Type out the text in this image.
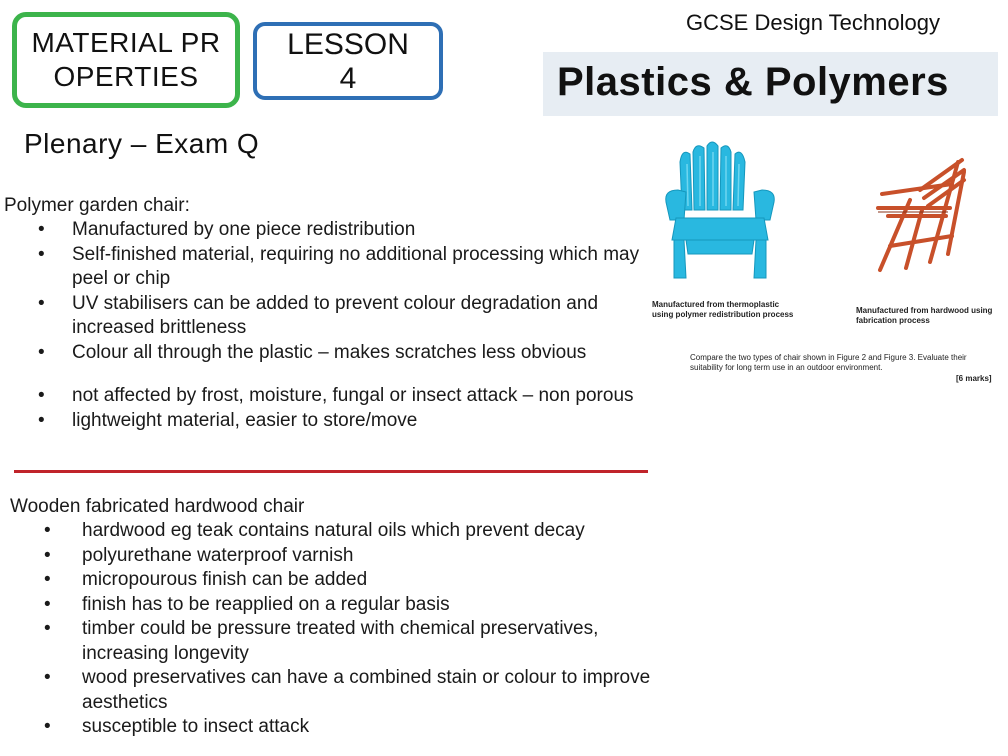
MATERIAL PROPERTIES
LESSON
4
Plenary – Exam Q
GCSE Design Technology
Plastics & Polymers
Polymer garden chair:
• Manufactured by one piece redistribution
• Self-finished material, requiring no additional processing which may peel or chip
• UV stabilisers can be added to prevent colour degradation and increased brittleness
• Colour all through the plastic – makes scratches less obvious
• not affected by frost, moisture, fungal or insect attack – non porous
• lightweight material, easier to store/move
Wooden fabricated hardwood chair
• hardwood eg teak contains natural oils which prevent decay
• polyurethane waterproof varnish
• micropourous finish can be added
• finish has to be reapplied on a regular basis
• timber could be pressure treated with chemical preservatives, increasing longevity
• wood preservatives can have a combined stain or colour to improve aesthetics
• susceptible to insect attack
Manufactured from thermoplastic using polymer redistribution process	Manufactured from hardwood using fabrication process
Compare the two types of chair shown in Figure 2 and Figure 3. Evaluate their suitability for long term use in an outdoor environment.
[6 marks]
